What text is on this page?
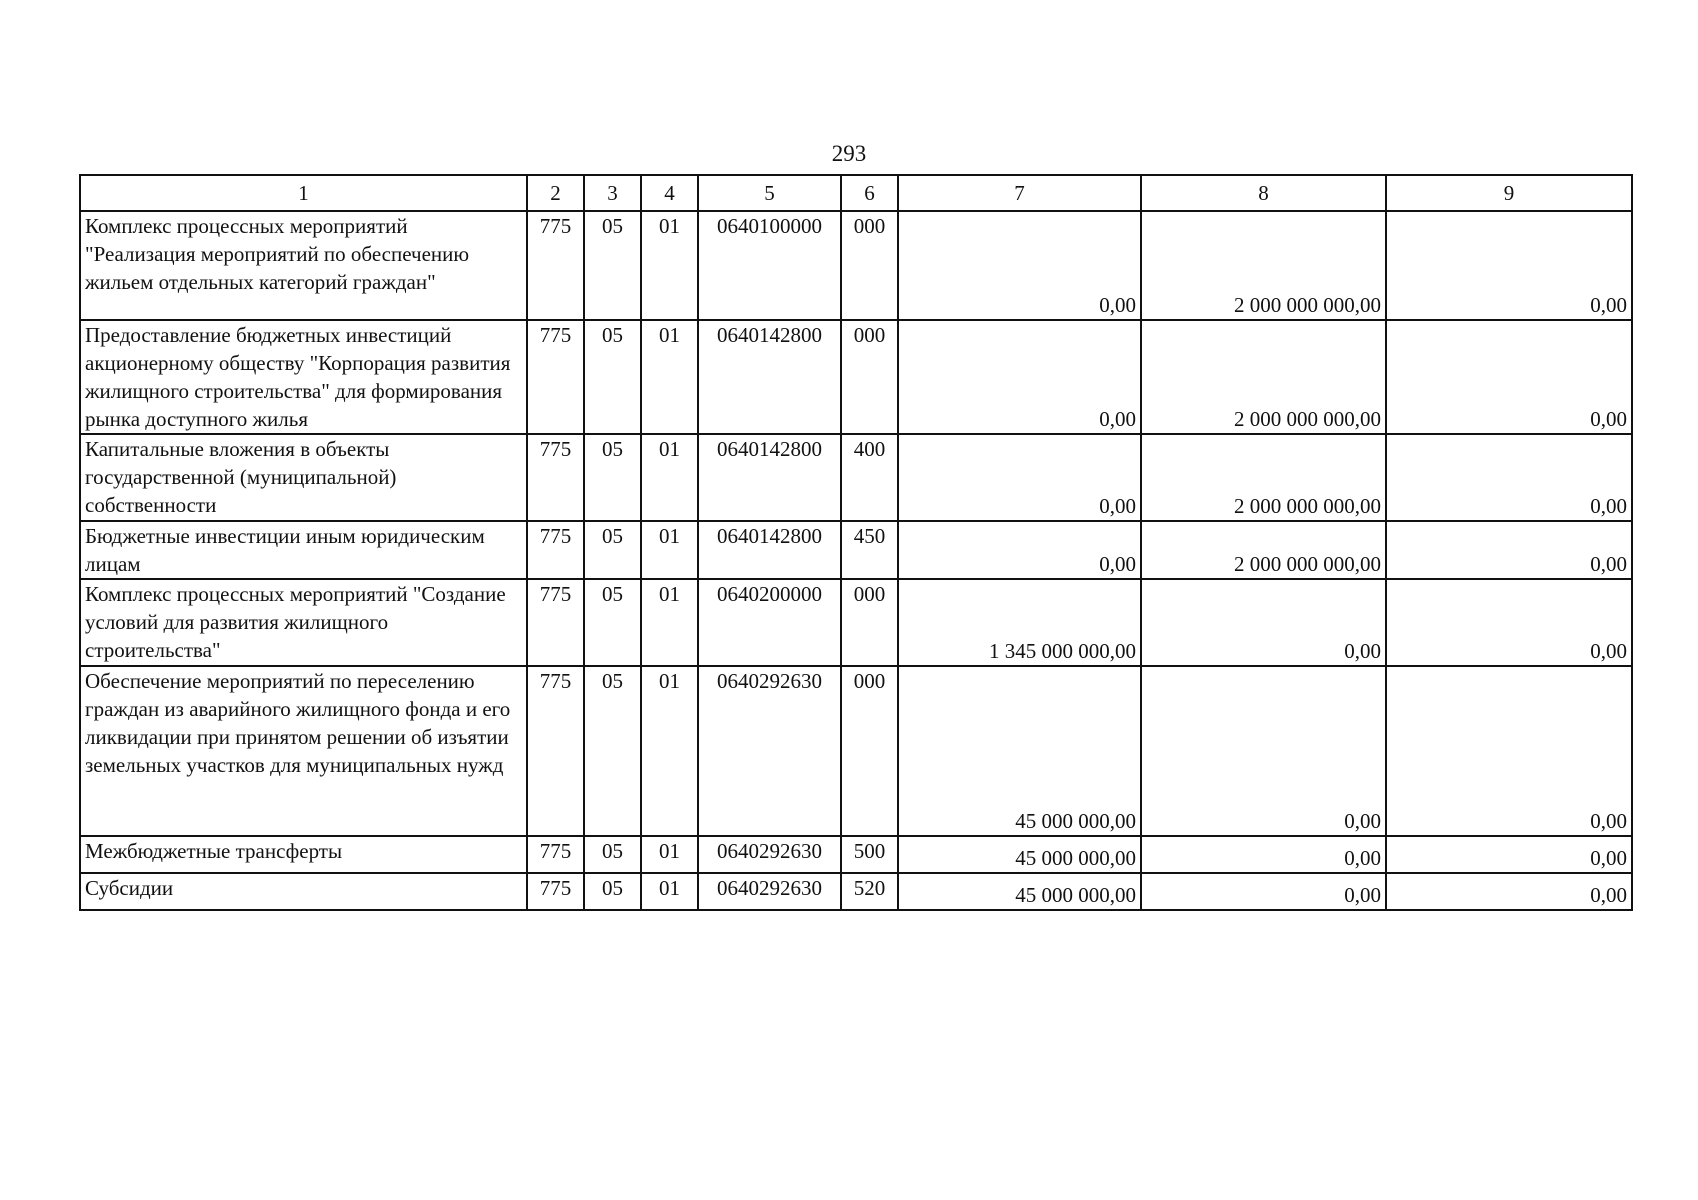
293
1	2	3	4	5	6	7	8	9
Комплекс процессных мероприятий "Реализация мероприятий по обеспечению жильем отдельных категорий граждан"	775	05	01	0640100000	000	0,00	2 000 000 000,00	0,00
Предоставление бюджетных инвестиций акционерному обществу "Корпорация развития жилищного строительства" для формирования рынка доступного жилья	775	05	01	0640142800	000	0,00	2 000 000 000,00	0,00
Капитальные вложения в объекты государственной (муниципальной) собственности	775	05	01	0640142800	400	0,00	2 000 000 000,00	0,00
Бюджетные инвестиции иным юридическим лицам	775	05	01	0640142800	450	0,00	2 000 000 000,00	0,00
Комплекс процессных мероприятий "Создание условий для развития жилищного строительства"	775	05	01	0640200000	000	1 345 000 000,00	0,00	0,00
Обеспечение мероприятий по переселению граждан из аварийного жилищного фонда и его ликвидации при принятом решении об изъятии земельных участков для муниципальных нужд	775	05	01	0640292630	000	45 000 000,00	0,00	0,00
Межбюджетные трансферты	775	05	01	0640292630	500	45 000 000,00	0,00	0,00
Субсидии	775	05	01	0640292630	520	45 000 000,00	0,00	0,00
